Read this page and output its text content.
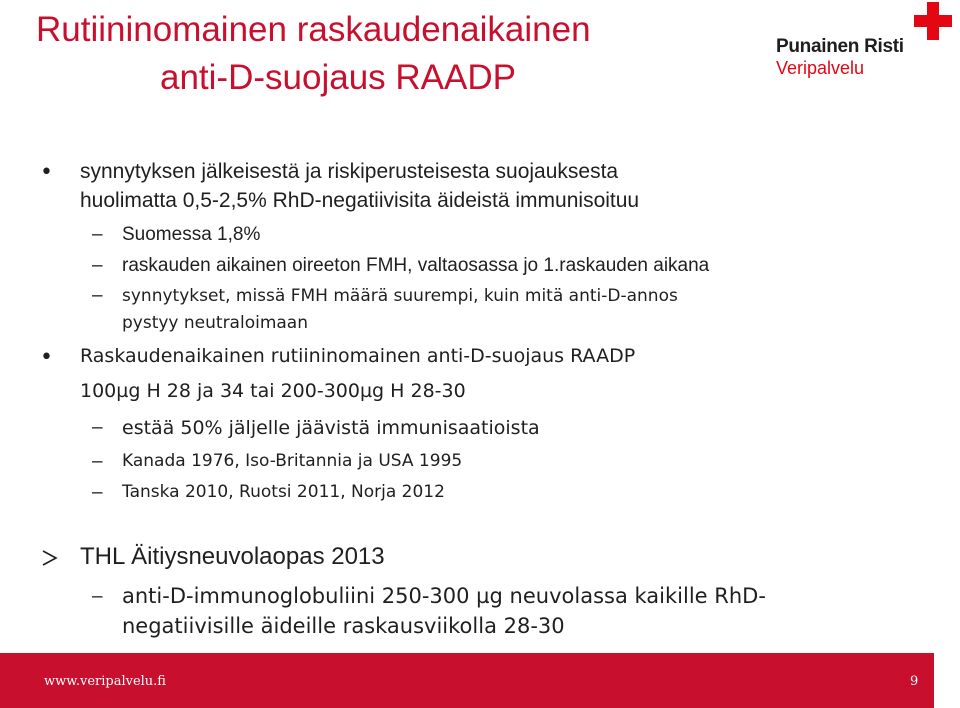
Rutiininomainen raskaudenaikainen
anti-D-suojaus RAADP
Punainen Risti
Veripalvelu
• synnytyksen jälkeisestä ja riskiperusteisesta suojauksesta
huolimatta 0,5-2,5% RhD-negatiivisita äideistä immunisoituu
– Suomessa 1,8%
– raskauden aikainen oireeton FMH, valtaosassa jo 1.raskauden aikana
– synnytykset, missä FMH määrä suurempi, kuin mitä anti-D-annos
pystyy neutraloimaan
• Raskaudenaikainen rutiininomainen anti-D-suojaus RAADP
100µg H 28 ja 34 tai 200-300µg H 28-30
– estää 50% jäljelle jäävistä immunisaatioista
– Kanada 1976, Iso-Britannia ja USA 1995
– Tanska 2010, Ruotsi 2011, Norja 2012
THL Äitiysneuvolaopas 2013
– anti-D-immunoglobuliini 250-300 µg neuvolassa kaikille RhD-
negatiivisille äideille raskausviikolla 28-30
www.veripalvelu.fi	9
